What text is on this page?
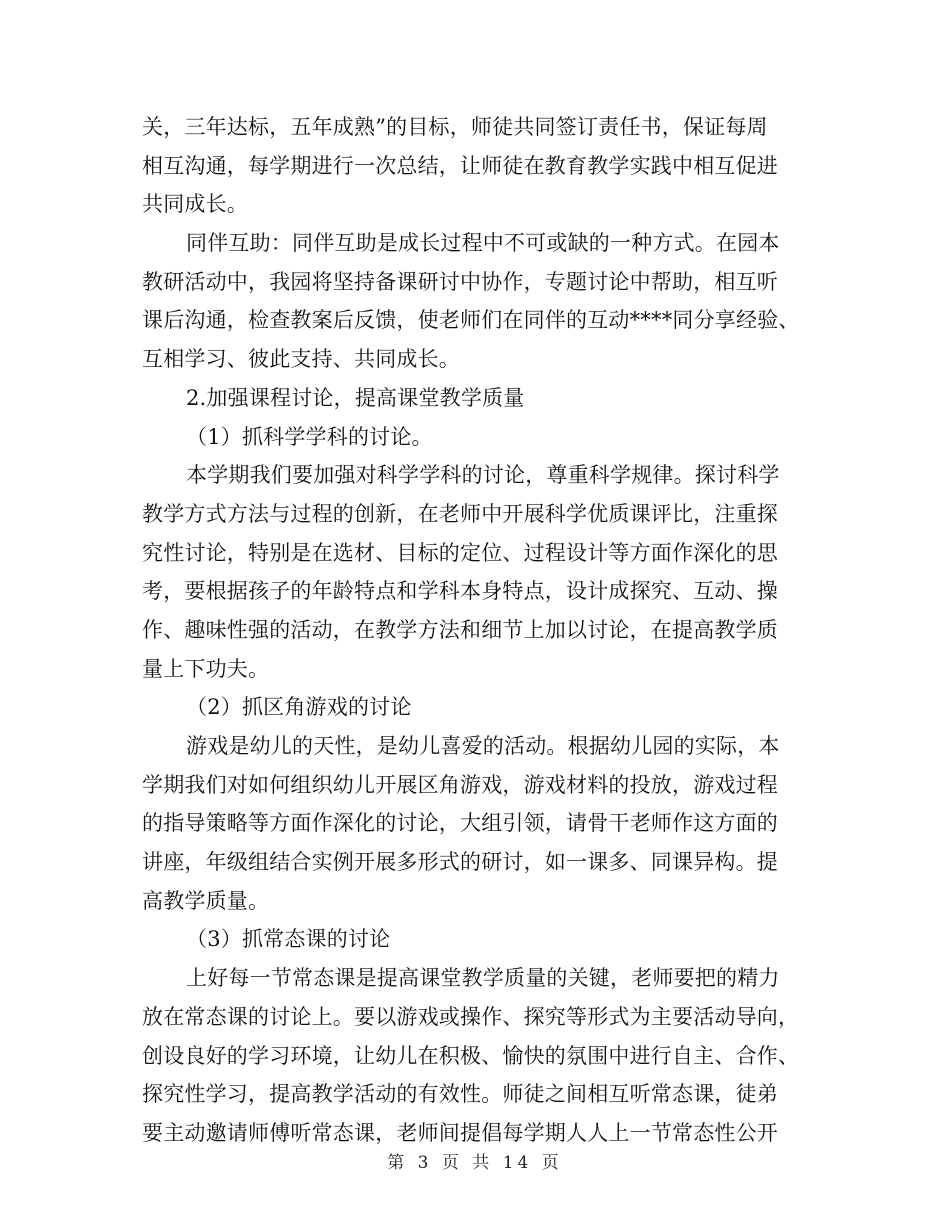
关，三年达标，五年成熟”的目标，师徒共同签订责任书，保证每周
相互沟通，每学期进行一次总结，让师徒在教育教学实践中相互促进
共同成长。
同伴互助：同伴互助是成长过程中不可或缺的一种方式。在园本
教研活动中，我园将坚持备课研讨中协作，专题讨论中帮助，相互听
课后沟通，检查教案后反馈，使老师们在同伴的互动****同分享经验、
互相学习、彼此支持、共同成长。
2.加强课程讨论，提高课堂教学质量
（1）抓科学学科的讨论。
本学期我们要加强对科学学科的讨论，尊重科学规律。探讨科学
教学方式方法与过程的创新，在老师中开展科学优质课评比，注重探
究性讨论，特别是在选材、目标的定位、过程设计等方面作深化的思
考，要根据孩子的年龄特点和学科本身特点，设计成探究、互动、操
作、趣味性强的活动，在教学方法和细节上加以讨论，在提高教学质
量上下功夫。
（2）抓区角游戏的讨论
游戏是幼儿的天性，是幼儿喜爱的活动。根据幼儿园的实际，本
学期我们对如何组织幼儿开展区角游戏，游戏材料的投放，游戏过程
的指导策略等方面作深化的讨论，大组引领，请骨干老师作这方面的
讲座，年级组结合实例开展多形式的研讨，如一课多、同课异构。提
高教学质量。
（3）抓常态课的讨论
上好每一节常态课是提高课堂教学质量的关键，老师要把的精力
放在常态课的讨论上。要以游戏或操作、探究等形式为主要活动导向，
创设良好的学习环境，让幼儿在积极、愉快的氛围中进行自主、合作、
探究性学习，提高教学活动的有效性。师徒之间相互听常态课，徒弟
要主动邀请师傅听常态课，老师间提倡每学期人人上一节常态性公开
第 3 页 共 14 页
